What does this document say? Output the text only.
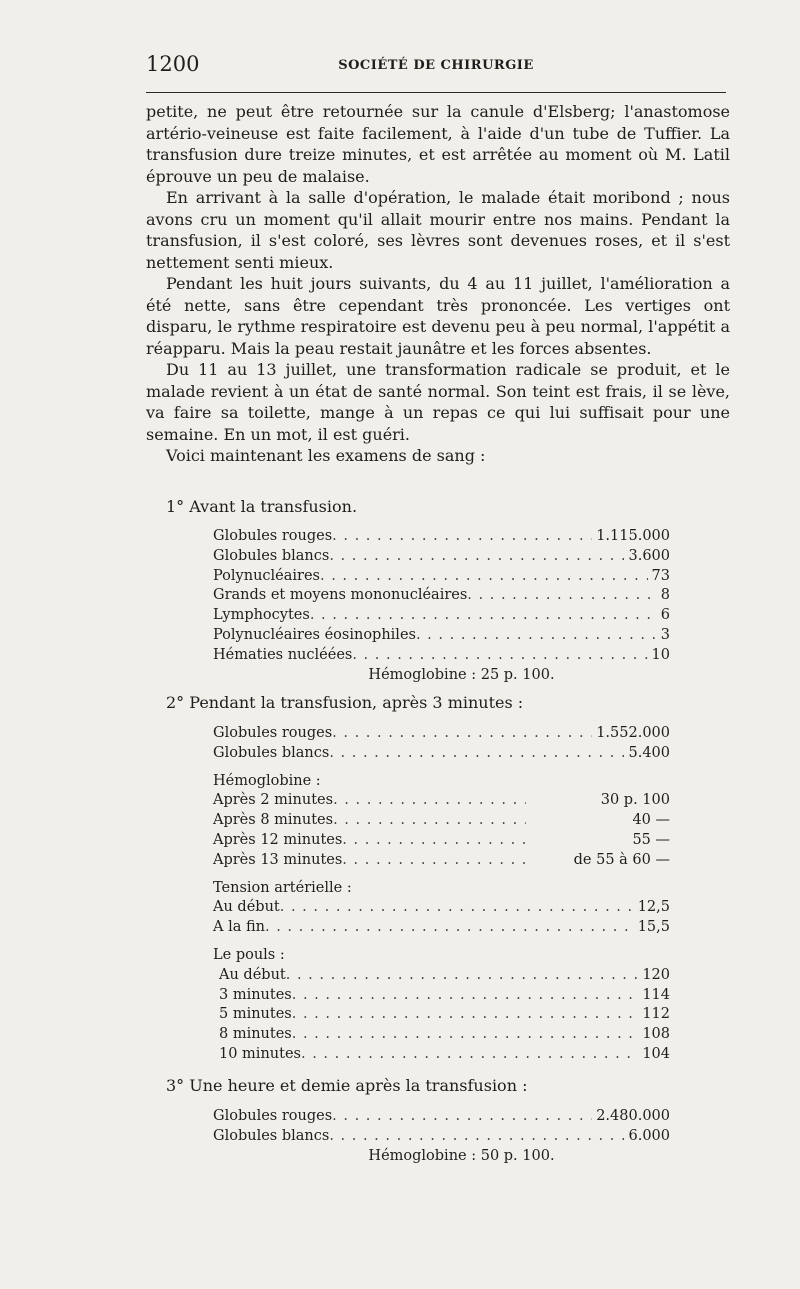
1200	SOCIÉTÉ DE CHIRURGIE

petite, ne peut être retournée sur la canule d'Elsberg; l'anastomose artério-veineuse est faite facilement, à l'aide d'un tube de Tuffier. La transfusion dure treize minutes, et est arrêtée au moment où M. Latil éprouve un peu de malaise.

En arrivant à la salle d'opération, le malade était moribond ; nous avons cru un moment qu'il allait mourir entre nos mains. Pendant la transfusion, il s'est coloré, ses lèvres sont devenues roses, et il s'est nettement senti mieux.

Pendant les huit jours suivants, du 4 au 11 juillet, l'amélioration a été nette, sans être cependant très prononcée. Les vertiges ont disparu, le rythme respiratoire est devenu peu à peu normal, l'appétit a réapparu. Mais la peau restait jaunâtre et les forces absentes.

Du 11 au 13 juillet, une transformation radicale se produit, et le malade revient à un état de santé normal. Son teint est frais, il se lève, va faire sa toilette, mange à un repas ce qui lui suffisait pour une semaine. En un mot, il est guéri.

Voici maintenant les examens de sang :

1° Avant la transfusion.
Globules rouges . . .	1.115.000
Globules blancs . . .	3.600
Polynucléaires . . .	73
Grands et moyens mononucléaires . . .	8
Lymphocytes . . .	6
Polynucléaires éosinophiles . . .	3
Hématies nucléées . . .	10
Hémoglobine : 25 p. 100.
2° Pendant la transfusion, après 3 minutes :
Globules rouges . . .	1.552.000
Globules blancs . . .	5.400
Hémoglobine :
Après 2 minutes . . .	30 p. 100
Après 8 minutes . . .	40 —
Après 12 minutes . . .	55 —
Après 13 minutes . . .	de 55 à 60 —
Tension artérielle :
Au début . . .	12,5
A la fin . . .	15,5
Le pouls :
Au début . . .	120
3 minutes . . .	114
5 minutes . . .	112
8 minutes . . .	108
10 minutes . . .	104
3° Une heure et demie après la transfusion :
Globules rouges . . .	2.480.000
Globules blancs . . .	6.000
Hémoglobine : 50 p. 100.
